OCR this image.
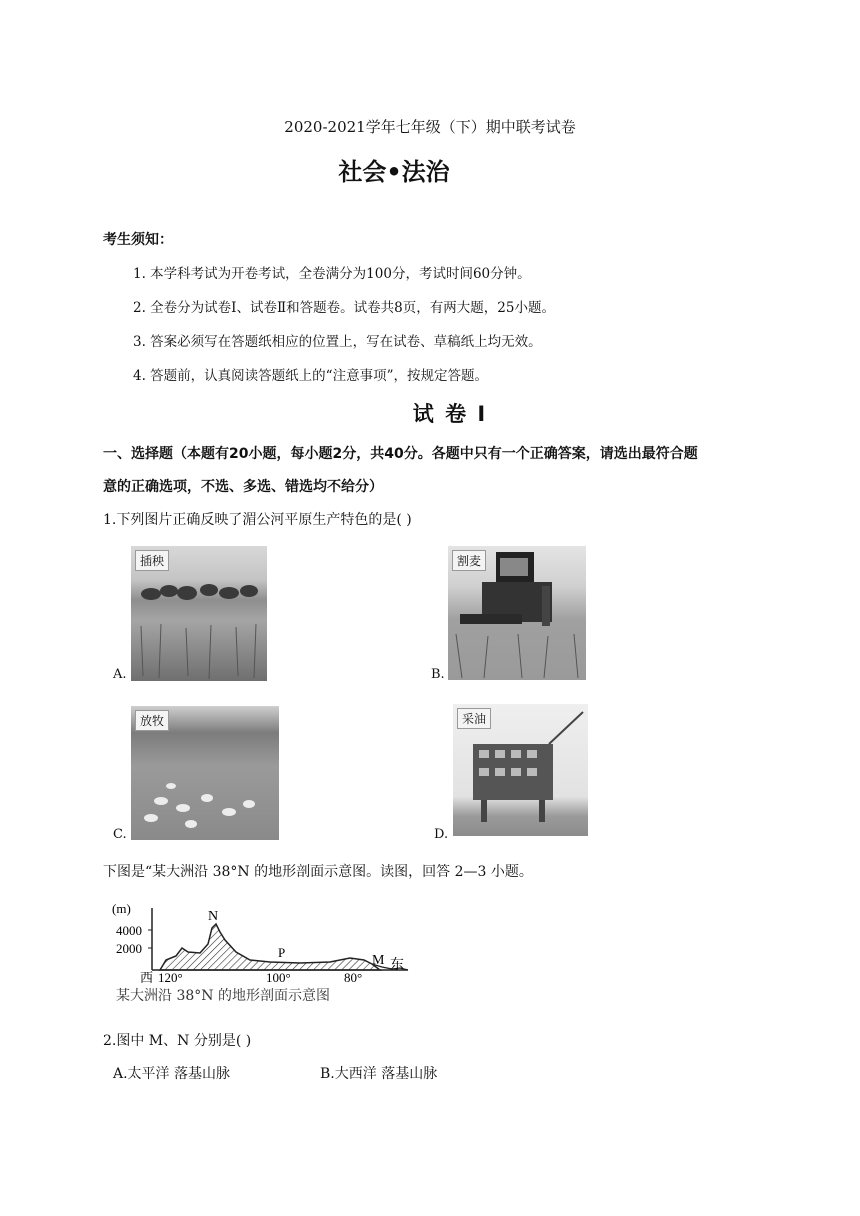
2020-2021学年七年级（下）期中联考试卷
社会•法治
考生须知：
1. 本学科考试为开卷考试，全卷满分为100分，考试时间60分钟。
2. 全卷分为试卷Ⅰ、试卷Ⅱ和答题卷。试卷共8页，有两大题，25小题。
3. 答案必须写在答题纸相应的位置上，写在试卷、草稿纸上均无效。
4. 答题前，认真阅读答题纸上的“注意事项”，按规定答题。
试 卷 I
一、选择题（本题有20小题，每小题2分，共40分。各题中只有一个正确答案，请选出最符合题
意的正确选项，不选、多选、错选均不给分）
1.下列图片正确反映了湄公河平原生产特色的是( )
A.
插秧
B.
割麦
C.
放牧
D.
采油
下图是“某大洲沿 38°N 的地形剖面示意图。读图，回答 2—3 小题。
(m)
4000
2000
N
P
M
西 120°	100°	80°
东
某大洲沿 38°N 的地形剖面示意图
2.图中 M、N 分别是( )
A.太平洋 落基山脉	B.大西洋 落基山脉
